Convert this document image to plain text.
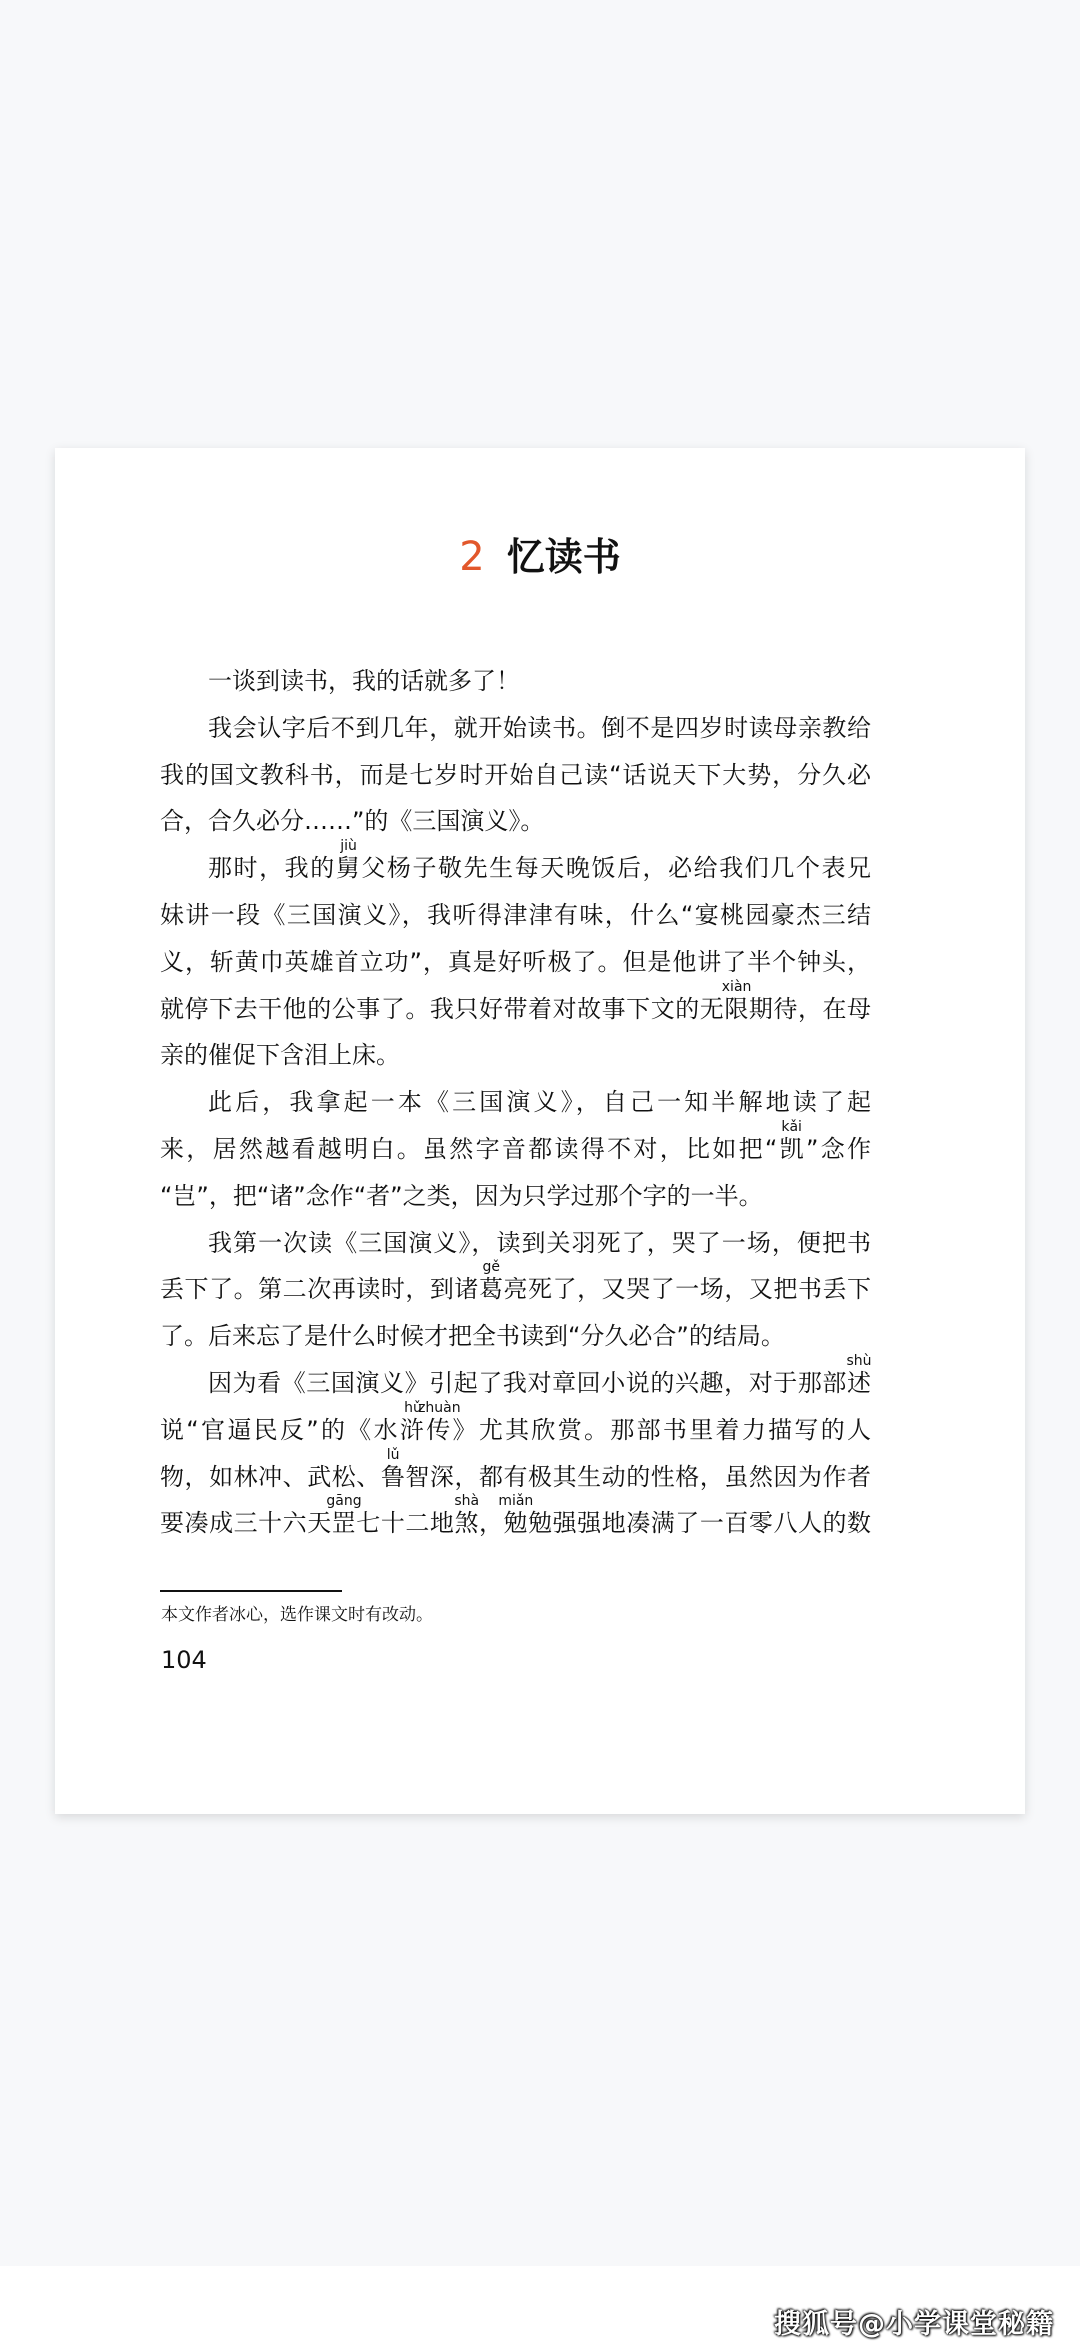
搜狐号@小学课堂秘籍
2 忆读书
一谈到读书，我的话就多了！
我会认字后不到几年，就开始读书。倒不是四岁时读母亲教给
我的国文教科书，而是七岁时开始自己读“话说天下大势，分久必
合，合久必分……”的《三国演义》。
那时，我的舅
jiù
父杨子敬先生每天晚饭后，必给我们几个表兄
妹讲一段《三国演义》，我听得津津有味，什么“宴桃园豪杰三结
义，斩黄巾英雄首立功”，真是好听极了。但是他讲了半个钟头，
就停下去干他的公事了。我只好带着对故事下文的无限
xiàn
期待，在母
亲的催促下含泪上床。
此后，我拿起一本《三国演义》，自己一知半解地读了起
来，居然越看越明白。虽然字音都读得不对，比如把“凯
kǎi
”念作
“岂”，把“诸”念作“者”之类，因为只学过那个字的一半。
我第一次读《三国演义》，读到关羽死了，哭了一场，便把书
丢下了。第二次再读时，到诸葛
gě
亮死了，又哭了一场，又把书丢下
了。后来忘了是什么时候才把全书读到“分久必合”的结局。
因为看《三国演义》引起了我对章回小说的兴趣，对于那部述
shù
说“官逼民反”的《水浒
hǔ
传
zhuàn
》尤其欣赏。那部书里着力描写的人
物，如林冲、武松、鲁
lǔ
智深，都有极其生动的性格，虽然因为作者
要凑成三十六天罡
gāng
七十二地煞
shà
，勉
miǎn
勉强强地凑满了一百零八人的数
本文作者冰心，选作课文时有改动。
104
